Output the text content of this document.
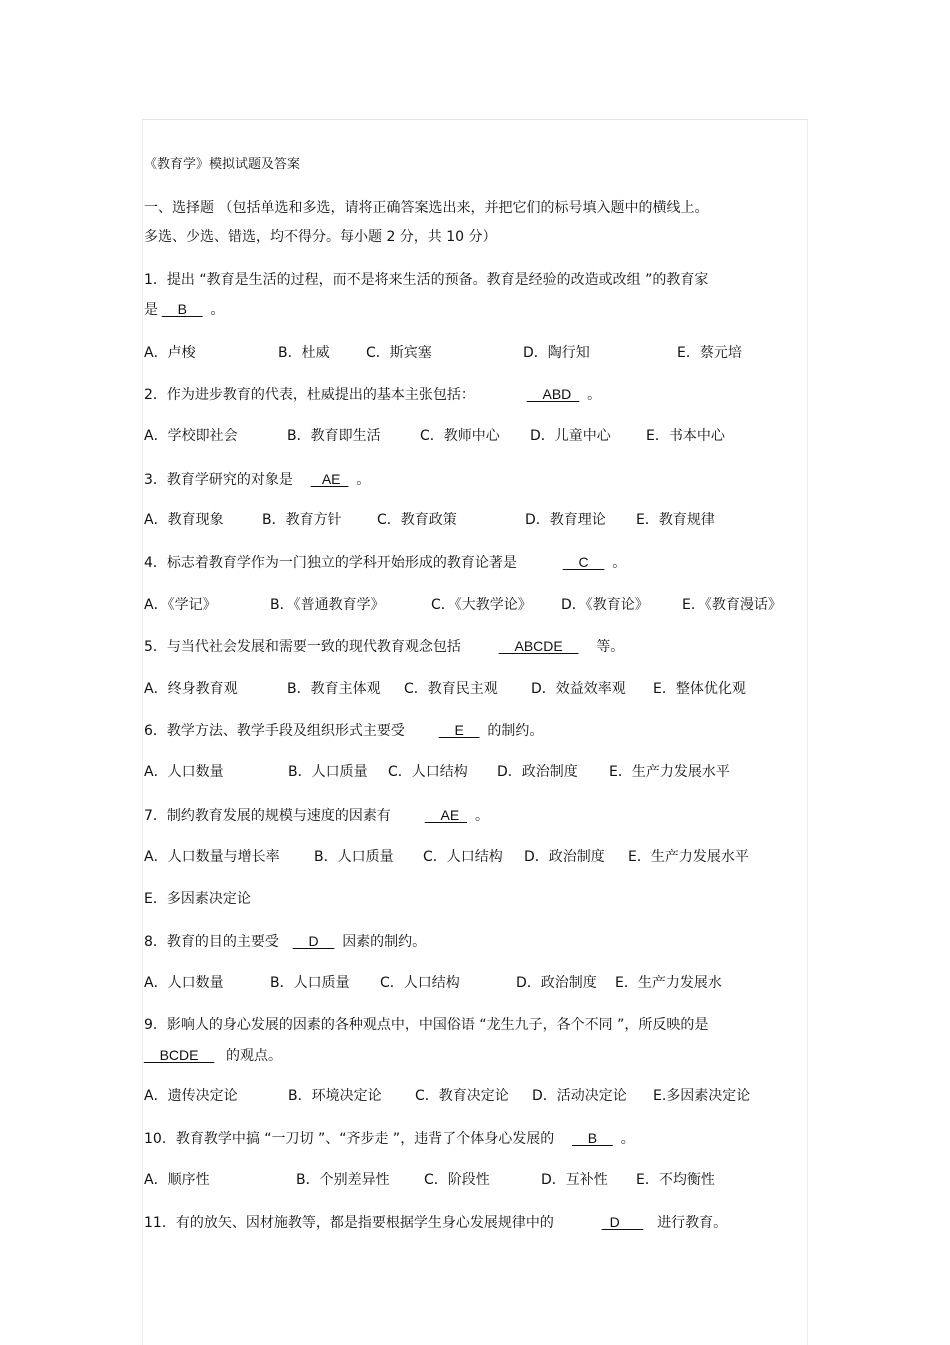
《教育学》模拟试题及答案
一、选择题 （包括单选和多选，请将正确答案选出来，并把它们的标号填入题中的横线上。
多选、少选、错选，均不得分。每小题 2 分，共 10 分）
1．提出 “教育是生活的过程，而不是将来生活的预备。教育是经验的改造或改组 ”的教育家
是 __B__ 。
A．卢梭	B．杜威	C．斯宾塞	D．陶行知	E．蔡元培
2．作为进步教育的代表，杜威提出的基本主张包括：	__ABD_ 。
A．学校即社会	B．教育即生活	C．教师中心 D．儿童中心	E．书本中心
3．教育学研究的对象是 _ AE_ 。
A．教育现象	B．教育方针	C．教育政策	D．教育理论 E．教育规律
4．标志着教育学作为一门独立的学科开始形成的教育论著是	__C__ 。
A．《学记》	B．《普通教育学》	C．《大教学论》 D．《教育论》 E．《教育漫话》
5．与当代社会发展和需要一致的现代教育观念包括	__ABCDE__ 等。
A．终身教育观	B．教育主体观 C．教育民主观 D．效益效率观 E．整体优化观
6．教学方法、教学手段及组织形式主要受 __E__ 的制约。
A．人口数量	B．人口质量 C．人口结构 D．政治制度 E．生产力发展水平
7．制约教育发展的规模与速度的因素有 __AE_ 。
A．人口数量与增长率 B．人口质量 C．人口结构 D．政治制度 E．生产力发展水平
E．多因素决定论
8．教育的目的主要受 __D__ 因素的制约。
A．人口数量	B．人口质量 C．人口结构	D．政治制度 E．生产力发展水
9．影响人的身心发展的因素的各种观点中，中国俗语 “龙生九子，各个不同 ”，所反映的是
__BCDE__ 的观点。
A．遗传决定论	B．环境决定论 C．教育决定论 D．活动决定论 E.多因素决定论
10．教育教学中搞 “一刀切 ”、“齐步走 ”，违背了个体身心发展的 __B__ 。
A．顺序性	B．个别差异性 C．阶段性	D．互补性 E．不均衡性
11．有的放矢、因材施教等，都是指要根据学生身心发展规律中的	_D___ 进行教育。
